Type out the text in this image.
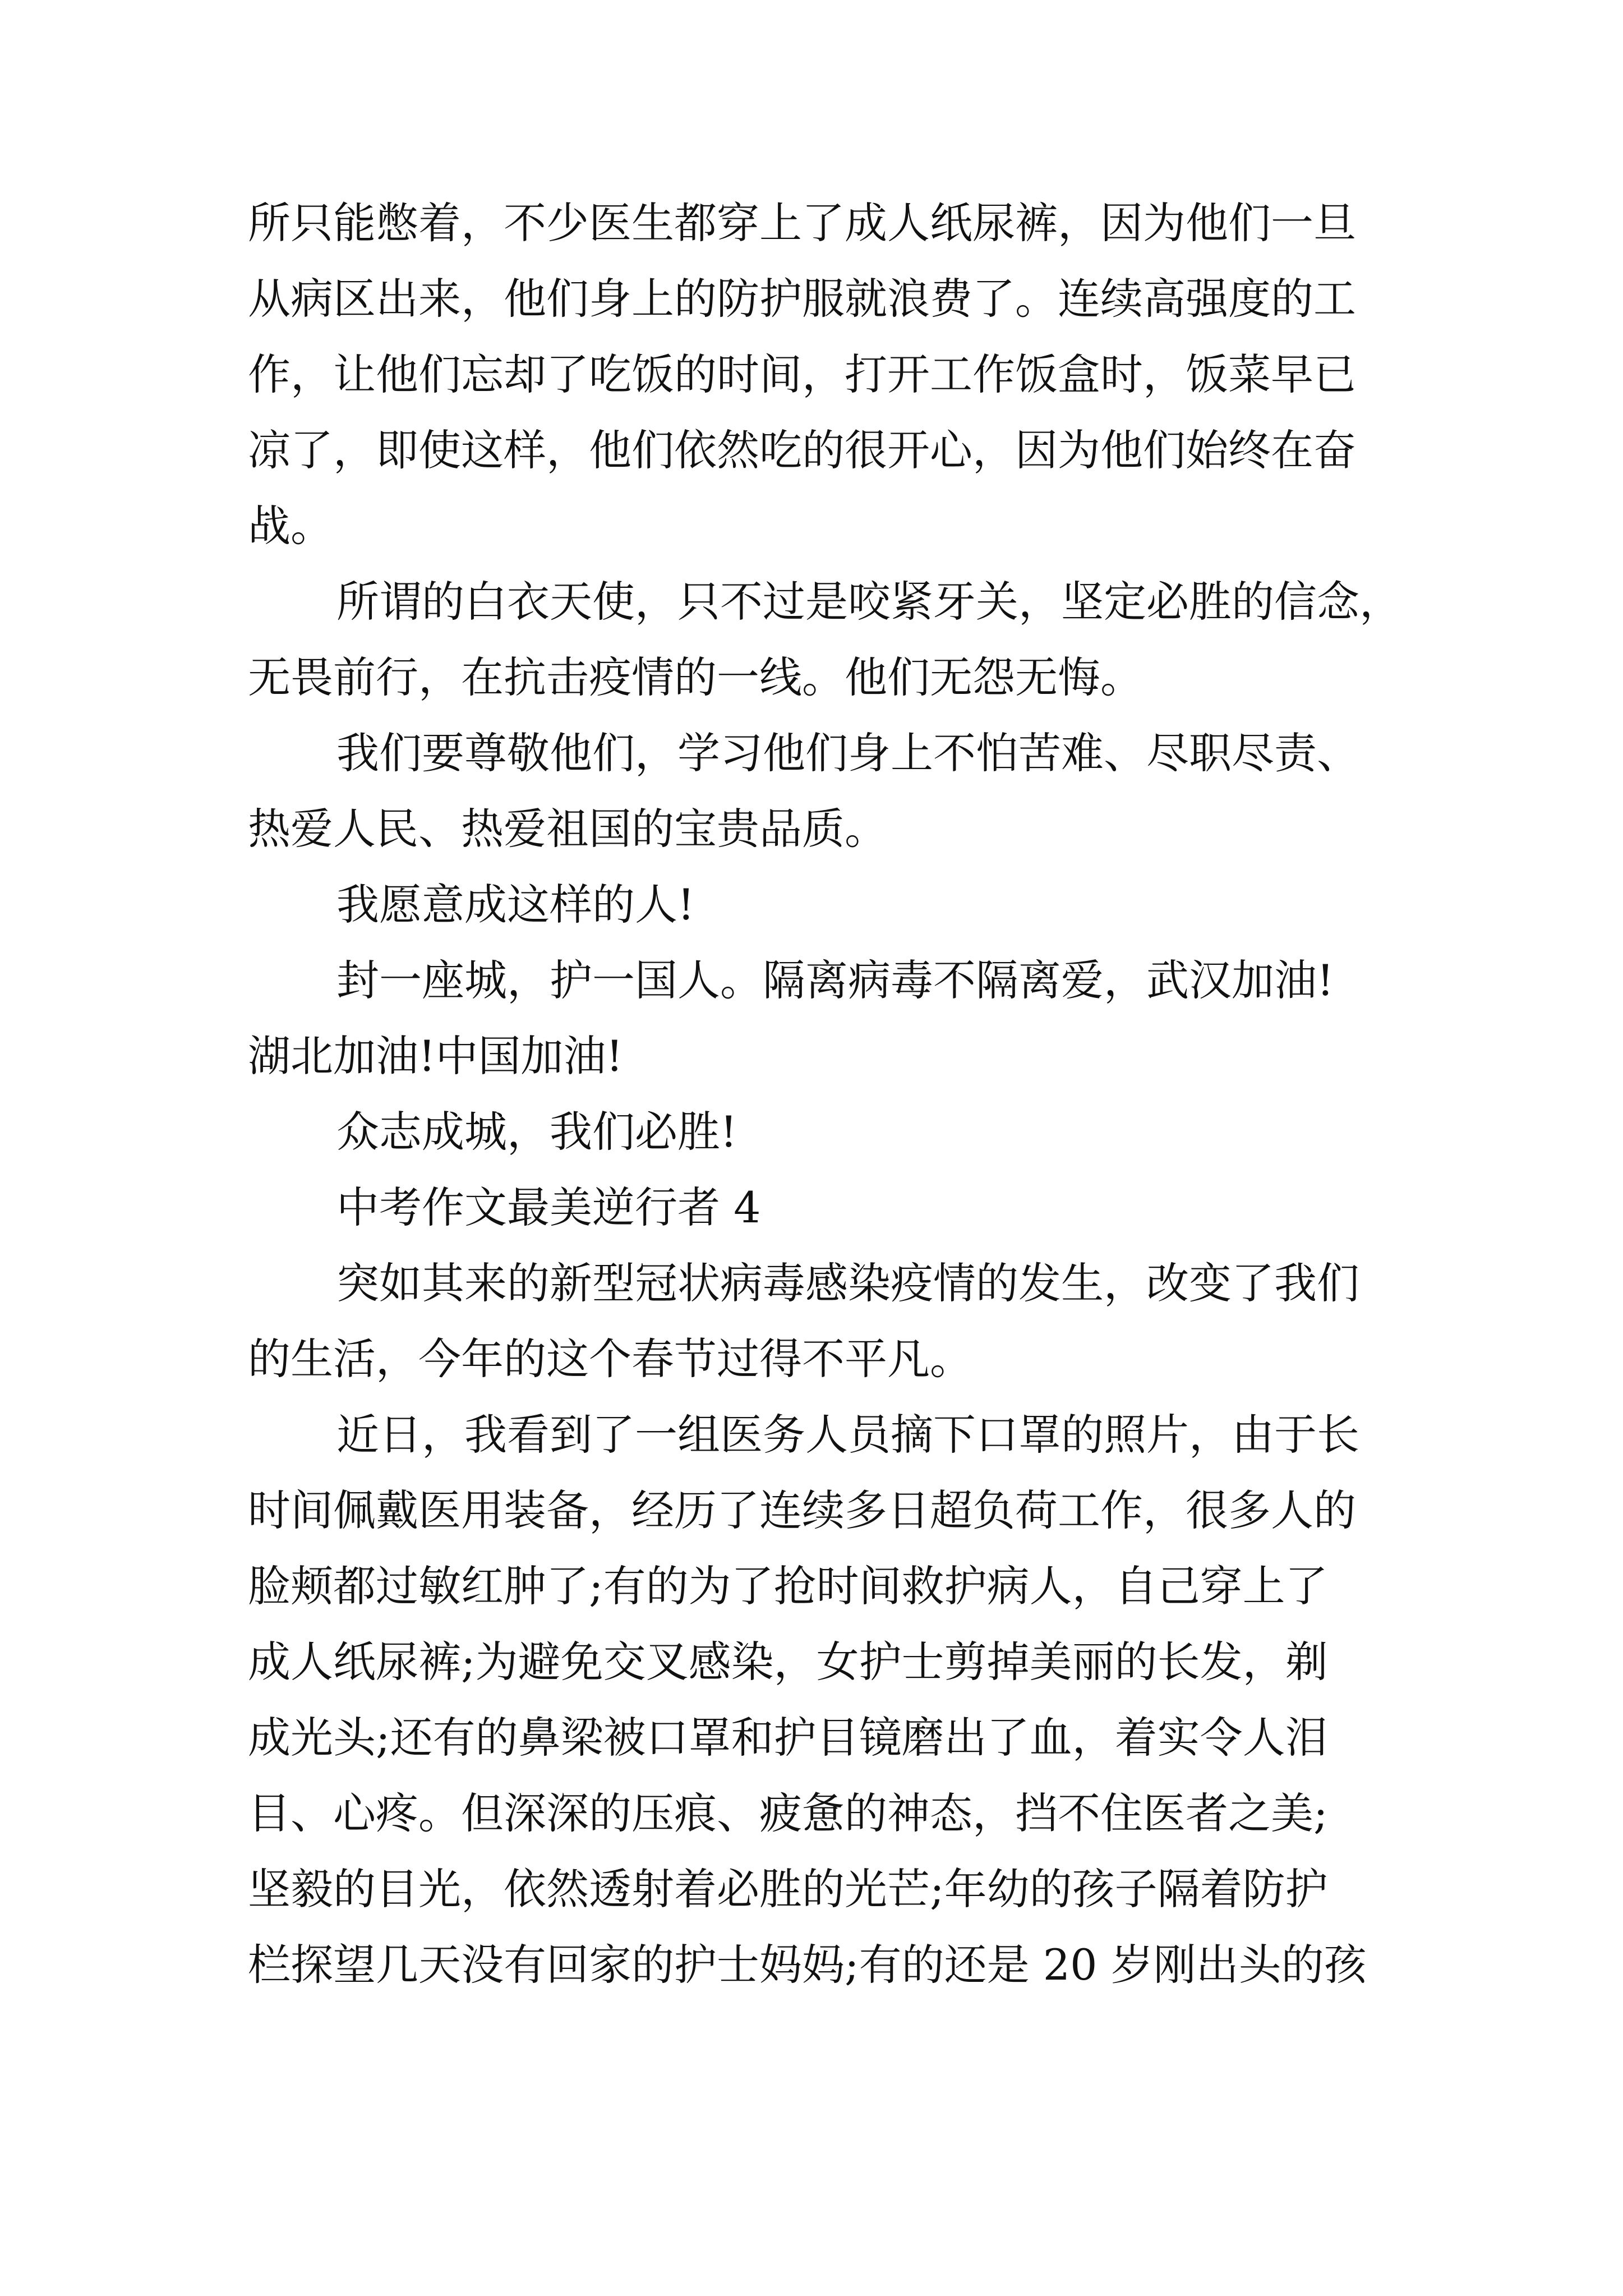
所只能憋着，不少医生都穿上了成人纸尿裤，因为他们一旦
从病区出来，他们身上的防护服就浪费了。连续高强度的工
作，让他们忘却了吃饭的时间，打开工作饭盒时，饭菜早已
凉了，即使这样，他们依然吃的很开心，因为他们始终在奋
战。
所谓的白衣天使，只不过是咬紧牙关，坚定必胜的信念，
无畏前行，在抗击疫情的一线。他们无怨无悔。
我们要尊敬他们，学习他们身上不怕苦难、尽职尽责、
热爱人民、热爱祖国的宝贵品质。
我愿意成这样的人!
封一座城，护一国人。隔离病毒不隔离爱，武汉加油!
湖北加油!中国加油!
众志成城，我们必胜!
中考作文最美逆行者 4
突如其来的新型冠状病毒感染疫情的发生，改变了我们
的生活，今年的这个春节过得不平凡。
近日，我看到了一组医务人员摘下口罩的照片，由于长
时间佩戴医用装备，经历了连续多日超负荷工作，很多人的
脸颊都过敏红肿了;有的为了抢时间救护病人，自己穿上了
成人纸尿裤;为避免交叉感染，女护士剪掉美丽的长发，剃
成光头;还有的鼻梁被口罩和护目镜磨出了血，着实令人泪
目、心疼。但深深的压痕、疲惫的神态，挡不住医者之美;
坚毅的目光，依然透射着必胜的光芒;年幼的孩子隔着防护
栏探望几天没有回家的护士妈妈;有的还是 20 岁刚出头的孩
